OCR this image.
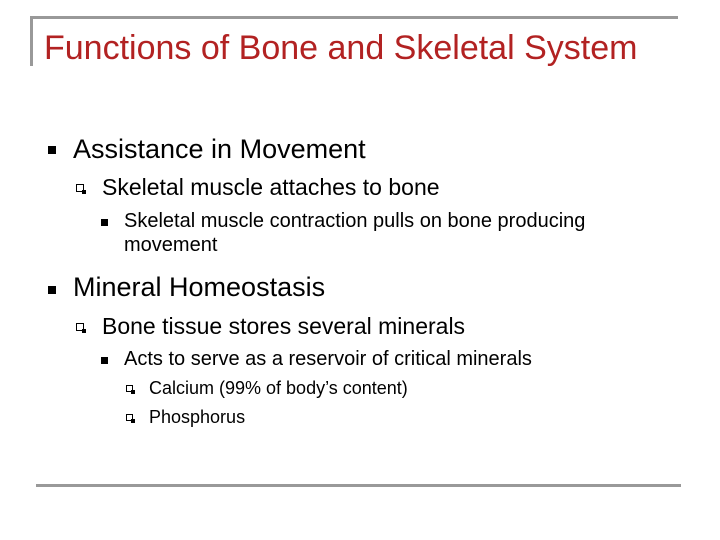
Functions of Bone and Skeletal System
Assistance in Movement
Skeletal muscle attaches to bone
Skeletal muscle contraction pulls on bone producing movement
Mineral Homeostasis
Bone tissue stores several minerals
Acts to serve as a reservoir of critical minerals
Calcium (99% of body’s content)
Phosphorus
